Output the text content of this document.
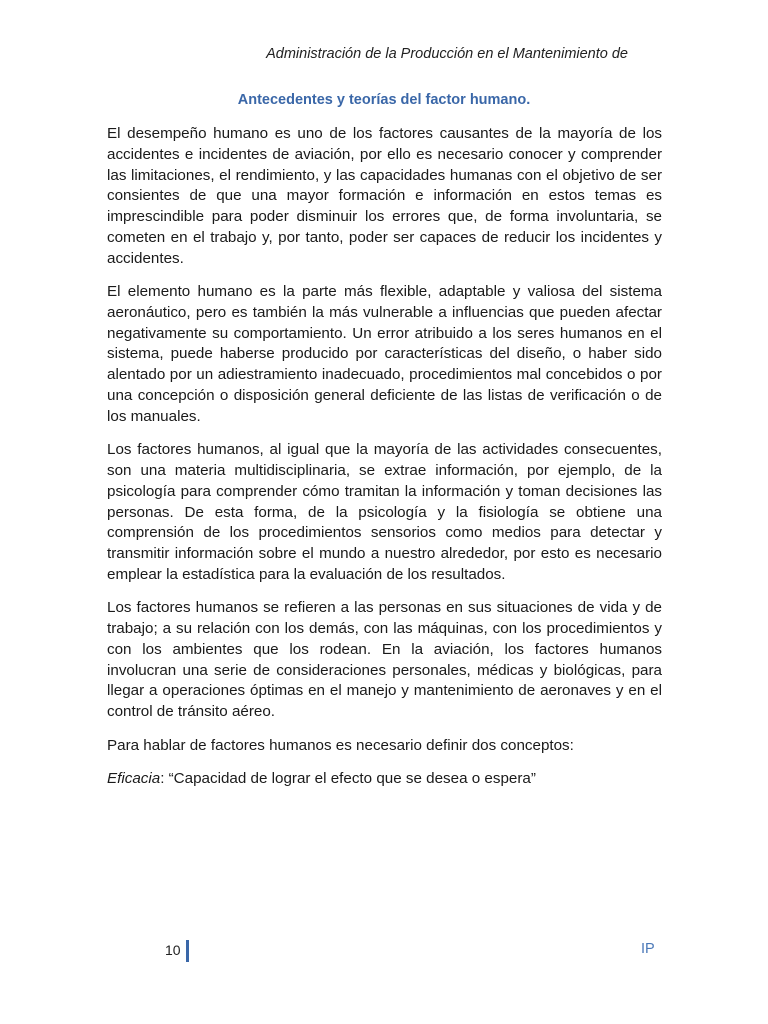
Administración de la Producción en el Mantenimiento de
Antecedentes y teorías del factor humano.

El desempeño humano es uno de los factores causantes de la mayoría de los accidentes e incidentes de aviación, por ello es necesario conocer y comprender las limitaciones, el rendimiento, y las capacidades humanas con el objetivo de ser consientes de que una mayor formación e información en estos temas es imprescindible para poder disminuir los errores que, de forma involuntaria, se cometen en el trabajo y, por tanto, poder ser capaces de reducir los incidentes y accidentes.

El elemento humano es la parte más flexible, adaptable y valiosa del sistema aeronáutico, pero es también la más vulnerable a influencias que pueden afectar negativamente su comportamiento. Un error atribuido a los seres humanos en el sistema, puede haberse producido por características del diseño, o haber sido alentado por un adiestramiento inadecuado, procedimientos mal concebidos o por una concepción o disposición general deficiente de las listas de verificación o de los manuales.

Los factores humanos, al igual que la mayoría de las actividades consecuentes, son una materia multidisciplinaria, se extrae información, por ejemplo, de la psicología para comprender cómo tramitan la información y toman decisiones las personas. De esta forma, de la psicología y la fisiología se obtiene una comprensión de los procedimientos sensorios como medios para detectar y transmitir información sobre el mundo a nuestro alrededor, por esto es necesario emplear la estadística para la evaluación de los resultados.

Los factores humanos se refieren a las personas en sus situaciones de vida y de trabajo; a su relación con los demás, con las máquinas, con los procedimientos y con los ambientes que los rodean. En la aviación, los factores humanos involucran una serie de consideraciones personales, médicas y biológicas, para llegar a operaciones óptimas en el manejo y mantenimiento de aeronaves y en el control de tránsito aéreo.

Para hablar de factores humanos es necesario definir dos conceptos:

Eficacia: “Capacidad de lograr el efecto que se desea o espera”

10	IP
